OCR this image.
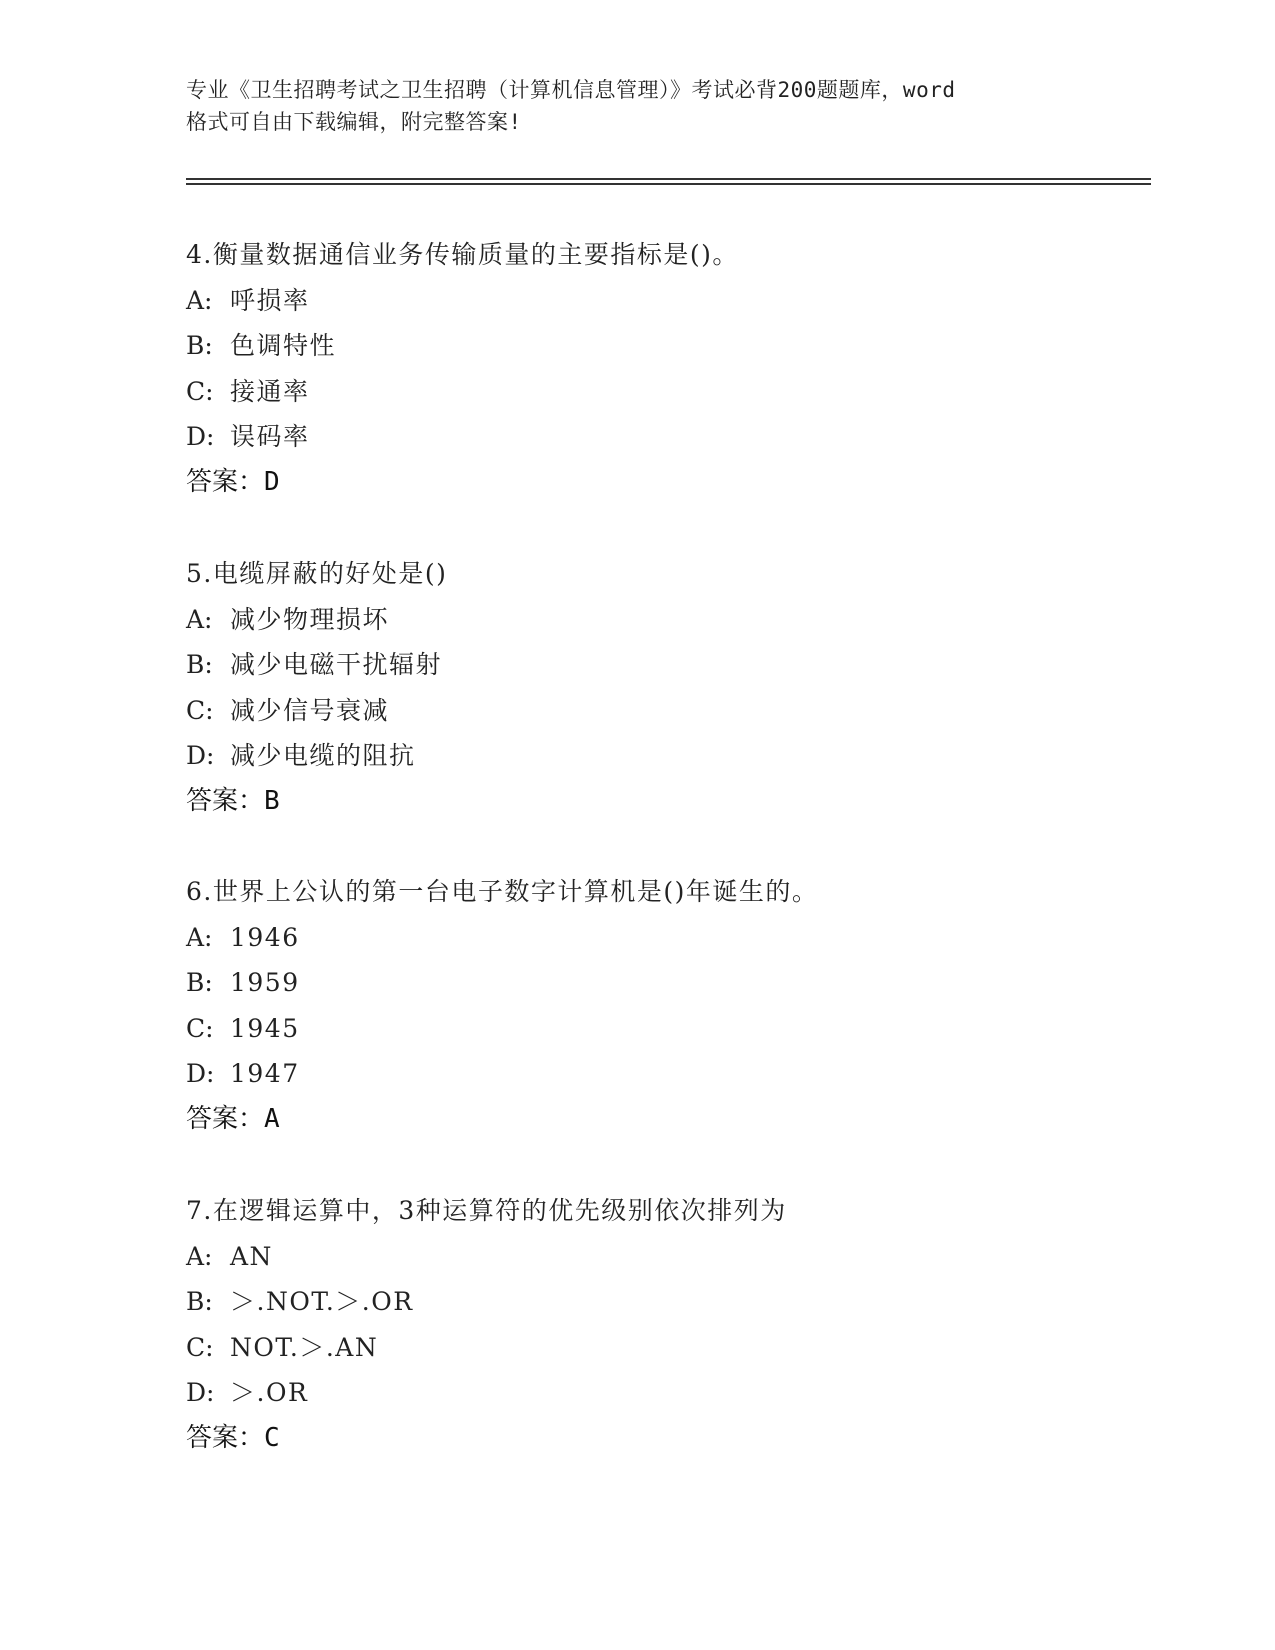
专业《卫生招聘考试之卫生招聘（计算机信息管理）》考试必背200题题库，word
格式可自由下载编辑，附完整答案!
4.衡量数据通信业务传输质量的主要指标是()。
A: 呼损率
B: 色调特性
C: 接通率
D: 误码率
答案：D
5.电缆屏蔽的好处是()
A: 减少物理损坏
B: 减少电磁干扰辐射
C: 减少信号衰减
D: 减少电缆的阻抗
答案：B
6.世界上公认的第一台电子数字计算机是()年诞生的。
A: 1946
B: 1959
C: 1945
D: 1947
答案：A
7.在逻辑运算中，3种运算符的优先级别依次排列为
A: AN
B: ＞.NOT.＞.OR
C: NOT.＞.AN
D: ＞.OR
答案：C
